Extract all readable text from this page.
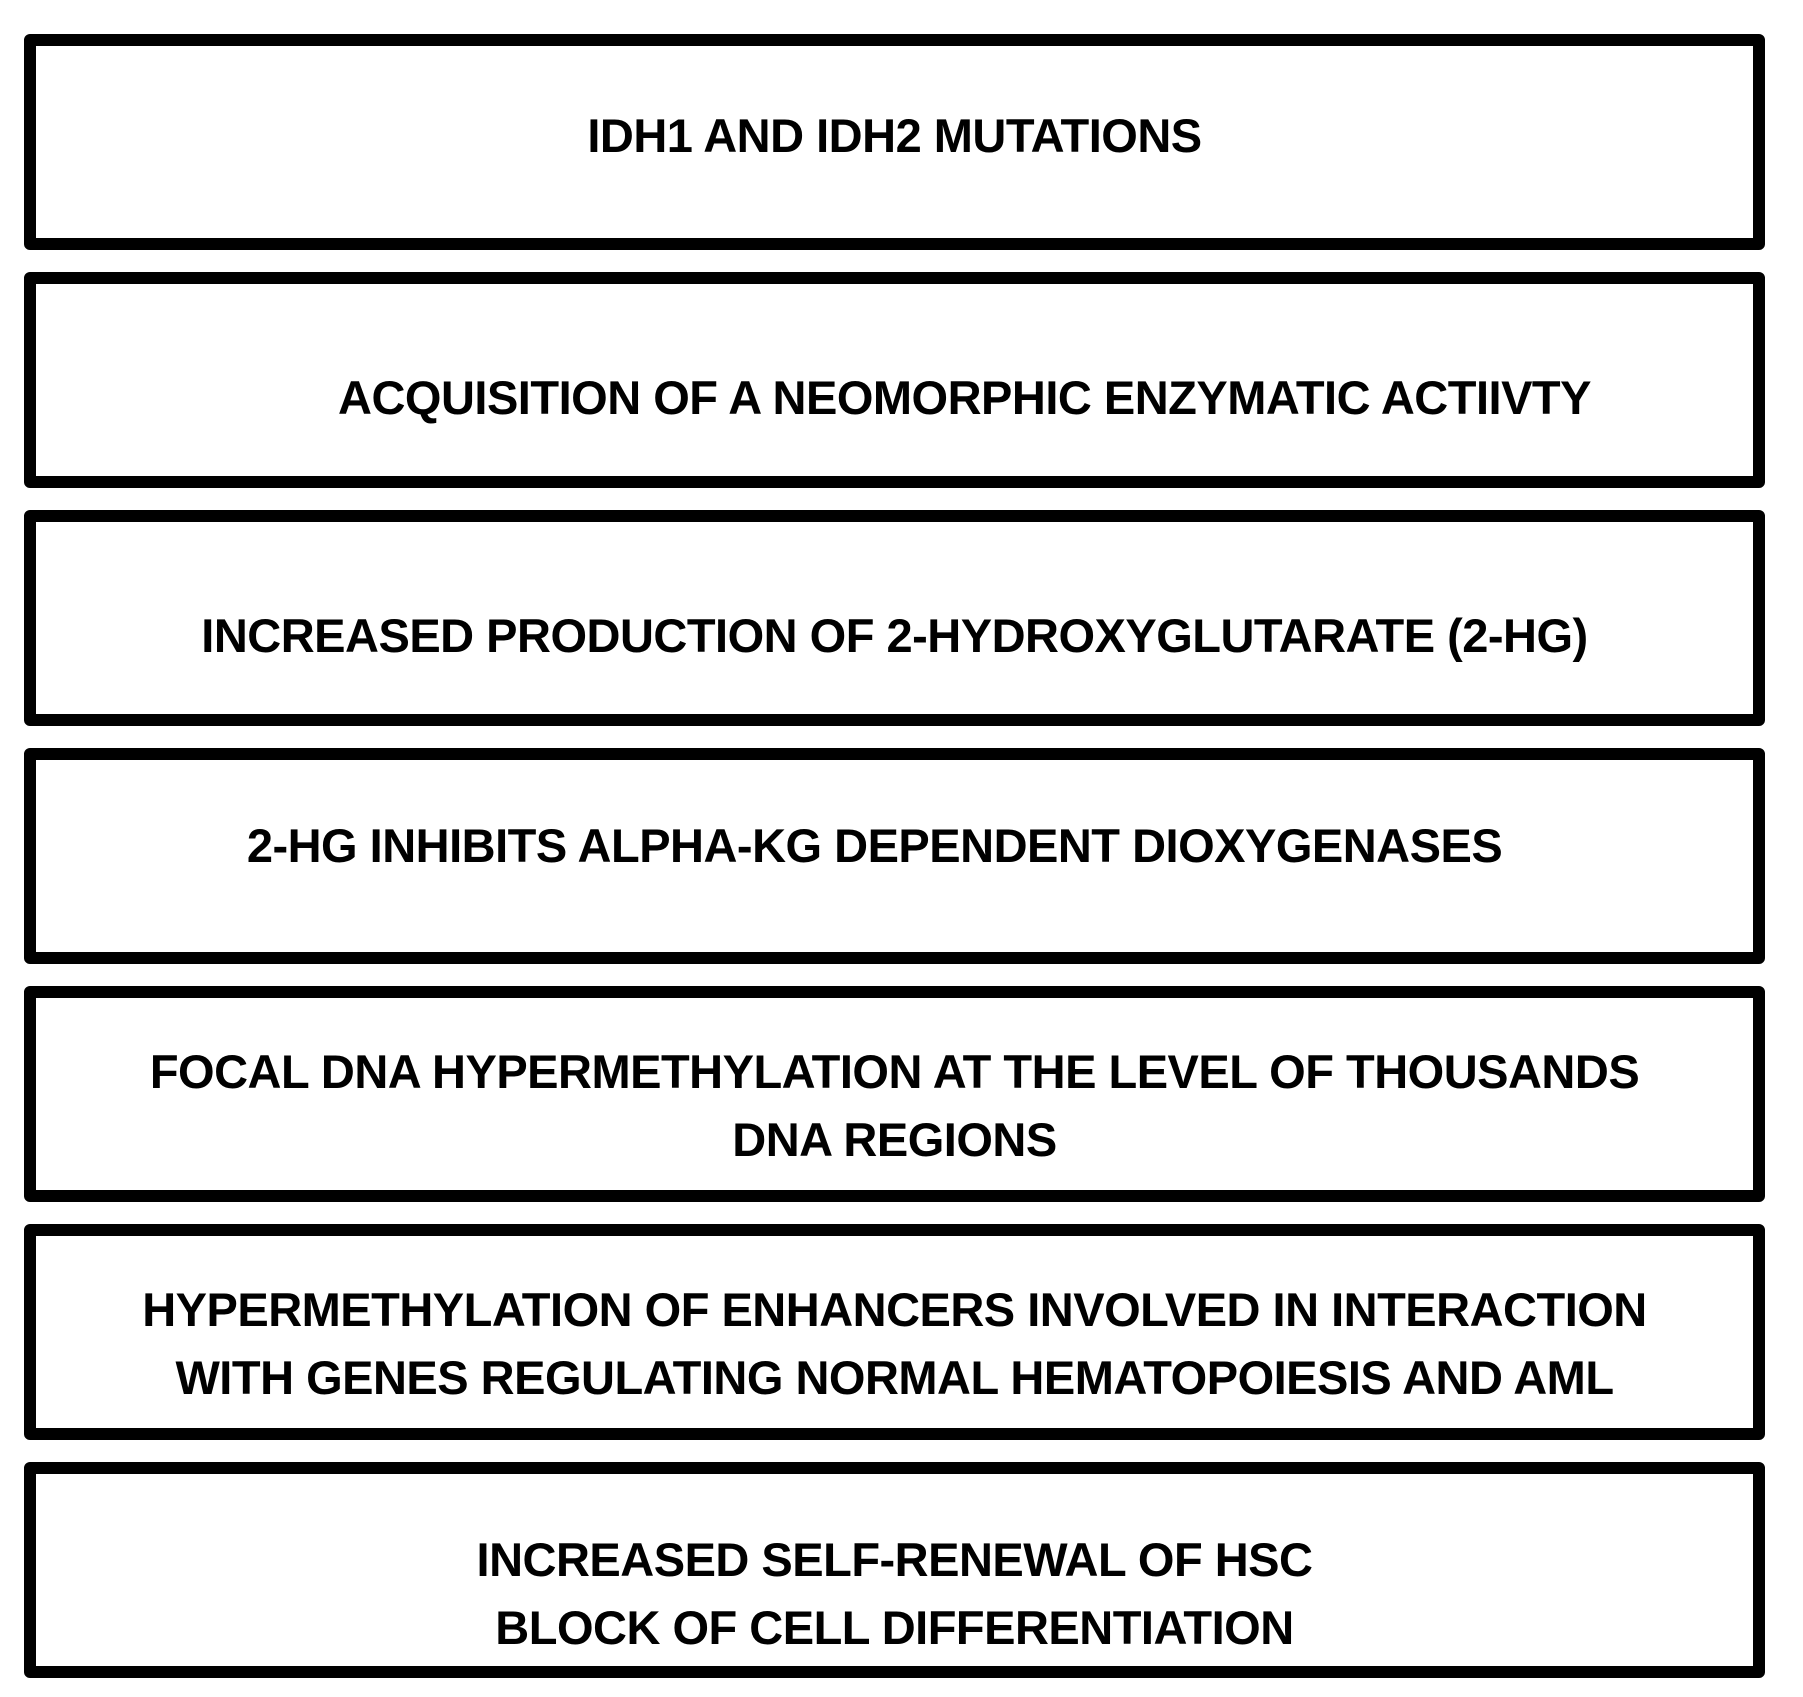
IDH1 AND IDH2 MUTATIONS
ACQUISITION OF A NEOMORPHIC ENZYMATIC ACTIIVTY
INCREASED PRODUCTION OF 2-HYDROXYGLUTARATE (2-HG)
2-HG INHIBITS ALPHA-KG DEPENDENT DIOXYGENASES
FOCAL DNA HYPERMETHYLATION AT THE LEVEL OF THOUSANDS
DNA REGIONS
HYPERMETHYLATION OF ENHANCERS INVOLVED IN INTERACTION
WITH GENES REGULATING NORMAL HEMATOPOIESIS AND AML
INCREASED SELF-RENEWAL OF HSC
BLOCK OF CELL DIFFERENTIATION
